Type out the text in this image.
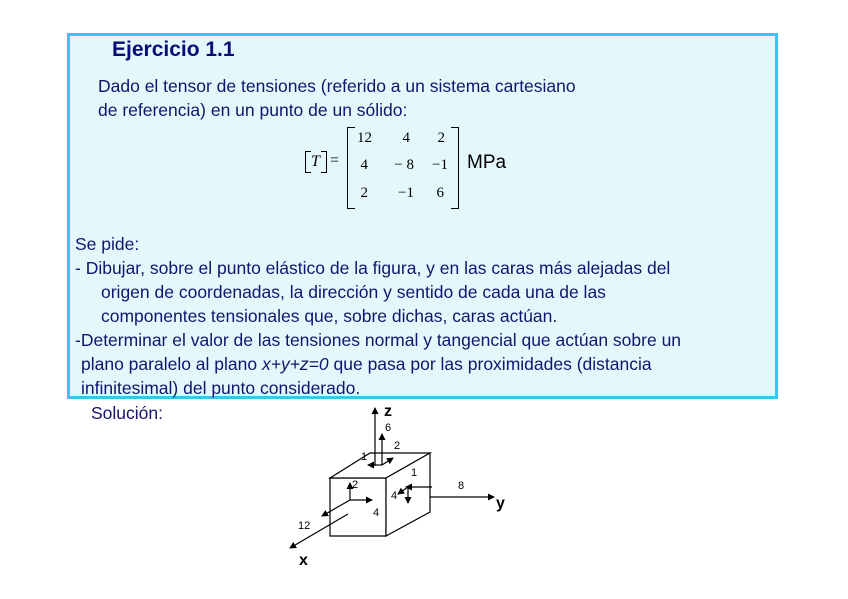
Ejercicio 1.1
Dado el tensor de tensiones (referido a un sistema cartesiano
de referencia) en un punto de un sólido:
T =
12	4	2
4	− 8	−1
2	−1	6
MPa
Se pide:
- Dibujar, sobre el punto elástico de la figura, y en las caras más alejadas del
origen de coordenadas, la dirección y sentido de cada una de las
componentes tensionales que, sobre dichas, caras actúan.
-Determinar el valor de las tensiones normal y tangencial que actúan sobre un
plano paralelo al plano x+y+z=0 que pasa por las proximidades (distancia
infinitesimal) del punto considerado.
Solución:
6
2
1
8
1
4
2
4
12
z
y
x
